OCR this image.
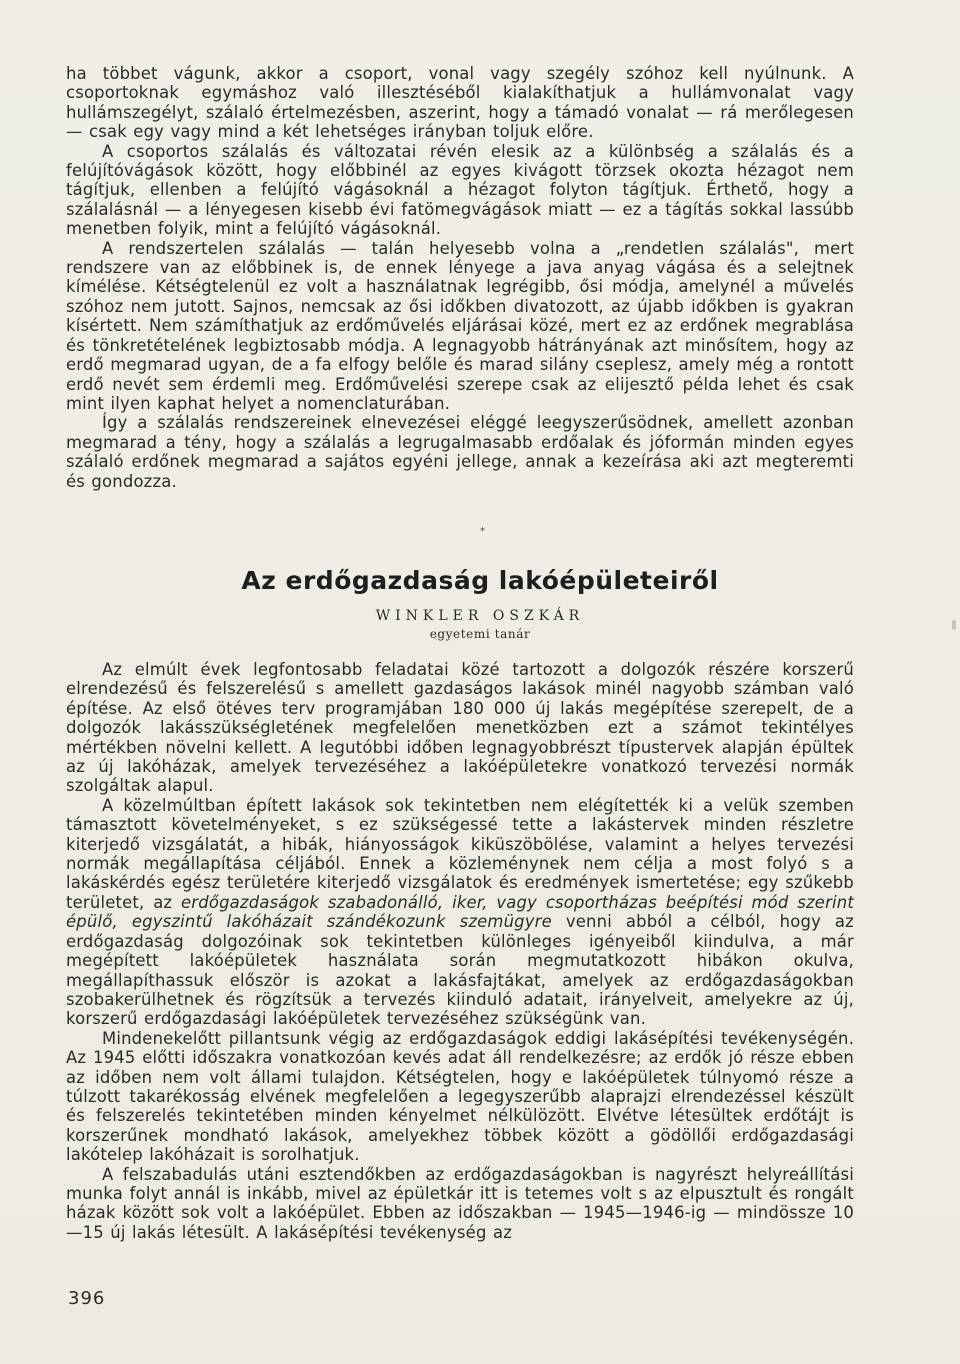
ha többet vágunk, akkor a csoport, vonal vagy szegély szóhoz kell nyúlnunk. A csoportoknak egymáshoz való illesztéséből kialakíthatjuk a hullámvonalat vagy hullámszegélyt, szálaló értelmezésben, aszerint, hogy a támadó vonalat — rá merőlegesen — csak egy vagy mind a két lehetséges irányban toljuk előre.

A csoportos szálalás és változatai révén elesik az a különbség a szálalás és a felújítóvágások között, hogy előbbinél az egyes kivágott törzsek okozta hézagot nem tágítjuk, ellenben a felújító vágásoknál a hézagot folyton tágítjuk. Érthető, hogy a szálalásnál — a lényegesen kisebb évi fatömegvágások miatt — ez a tágítás sokkal lassúbb menetben folyik, mint a felújító vágásoknál.

A rendszertelen szálalás — talán helyesebb volna a „rendetlen szálalás", mert rendszere van az előbbinek is, de ennek lényege a java anyag vágása és a selejtnek kímélése. Kétségtelenül ez volt a használatnak legrégibb, ősi módja, amelynél a művelés szóhoz nem jutott. Sajnos, nemcsak az ősi időkben divatozott, az újabb időkben is gyakran kísértett. Nem számíthatjuk az erdőművelés eljárásai közé, mert ez az erdőnek megrablása és tönkretételének legbiztosabb módja. A legnagyobb hátrányának azt minősítem, hogy az erdő megmarad ugyan, de a fa elfogy belőle és marad silány cseplesz, amely még a rontott erdő nevét sem érdemli meg. Erdőművelési szerepe csak az elijesztő példa lehet és csak mint ilyen kaphat helyet a nomenclaturában.

Így a szálalás rendszereinek elnevezései eléggé leegyszerűsödnek, amellett azonban megmarad a tény, hogy a szálalás a legrugalmasabb erdőalak és jóformán minden egyes szálaló erdőnek megmarad a sajátos egyéni jellege, annak a kezeírása aki azt megteremti és gondozza.

*
Az erdőgazdaság lakóépületeiről
WINKLER OSZKÁR
egyetemi tanár

Az elmúlt évek legfontosabb feladatai közé tartozott a dolgozók részére korszerű elrendezésű és felszerelésű s amellett gazdaságos lakások minél nagyobb számban való építése. Az első ötéves terv programjában 180 000 új lakás megépítése szerepelt, de a dolgozók lakásszükségletének megfelelően menetközben ezt a számot tekintélyes mértékben növelni kellett. A legutóbbi időben legnagyobbrészt típustervek alapján épültek az új lakóházak, amelyek tervezéséhez a lakóépületekre vonatkozó tervezési normák szolgáltak alapul.

A közelmúltban épített lakások sok tekintetben nem elégítették ki a velük szemben támasztott követelményeket, s ez szükségessé tette a lakástervek minden részletre kiterjedő vizsgálatát, a hibák, hiányosságok kiküszöbölése, valamint a helyes tervezési normák megállapítása céljából. Ennek a közleménynek nem célja a most folyó s a lakáskérdés egész területére kiterjedő vizsgálatok és eredmények ismertetése; egy szűkebb területet, az erdőgazdaságok szabadonálló, iker, vagy csoportházas beépítési mód szerint épülő, egyszintű lakóházait szándékozunk szemügyre venni abból a célból, hogy az erdőgazdaság dolgozóinak sok tekintetben különleges igényeiből kiindulva, a már megépített lakóépületek használata során megmutatkozott hibákon okulva, megállapíthassuk először is azokat a lakásfajtákat, amelyek az erdőgazdaságokban szobakerülhetnek és rögzítsük a tervezés kiinduló adatait, irányelveit, amelyekre az új, korszerű erdőgazdasági lakóépületek tervezéséhez szükségünk van.

Mindenekelőtt pillantsunk végig az erdőgazdaságok eddigi lakásépítési tevékenységén. Az 1945 előtti időszakra vonatkozóan kevés adat áll rendelkezésre; az erdők jó része ebben az időben nem volt állami tulajdon. Kétségtelen, hogy e lakóépületek túlnyomó része a túlzott takarékosság elvének megfelelően a legegyszerűbb alaprajzi elrendezéssel készült és felszerelés tekintetében minden kényelmet nélkülözött. Elvétve létesültek erdőtájt is korszerűnek mondható lakások, amelyekhez többek között a gödöllői erdőgazdasági lakótelep lakóházait is sorolhatjuk.

A felszabadulás utáni esztendőkben az erdőgazdaságokban is nagyrészt helyreállítási munka folyt annál is inkább, mivel az épületkár itt is tetemes volt s az elpusztult és rongált házak között sok volt a lakóépület. Ebben az időszakban — 1945—1946-ig — mindössze 10—15 új lakás létesült. A lakásépítési tevékenység az

396
